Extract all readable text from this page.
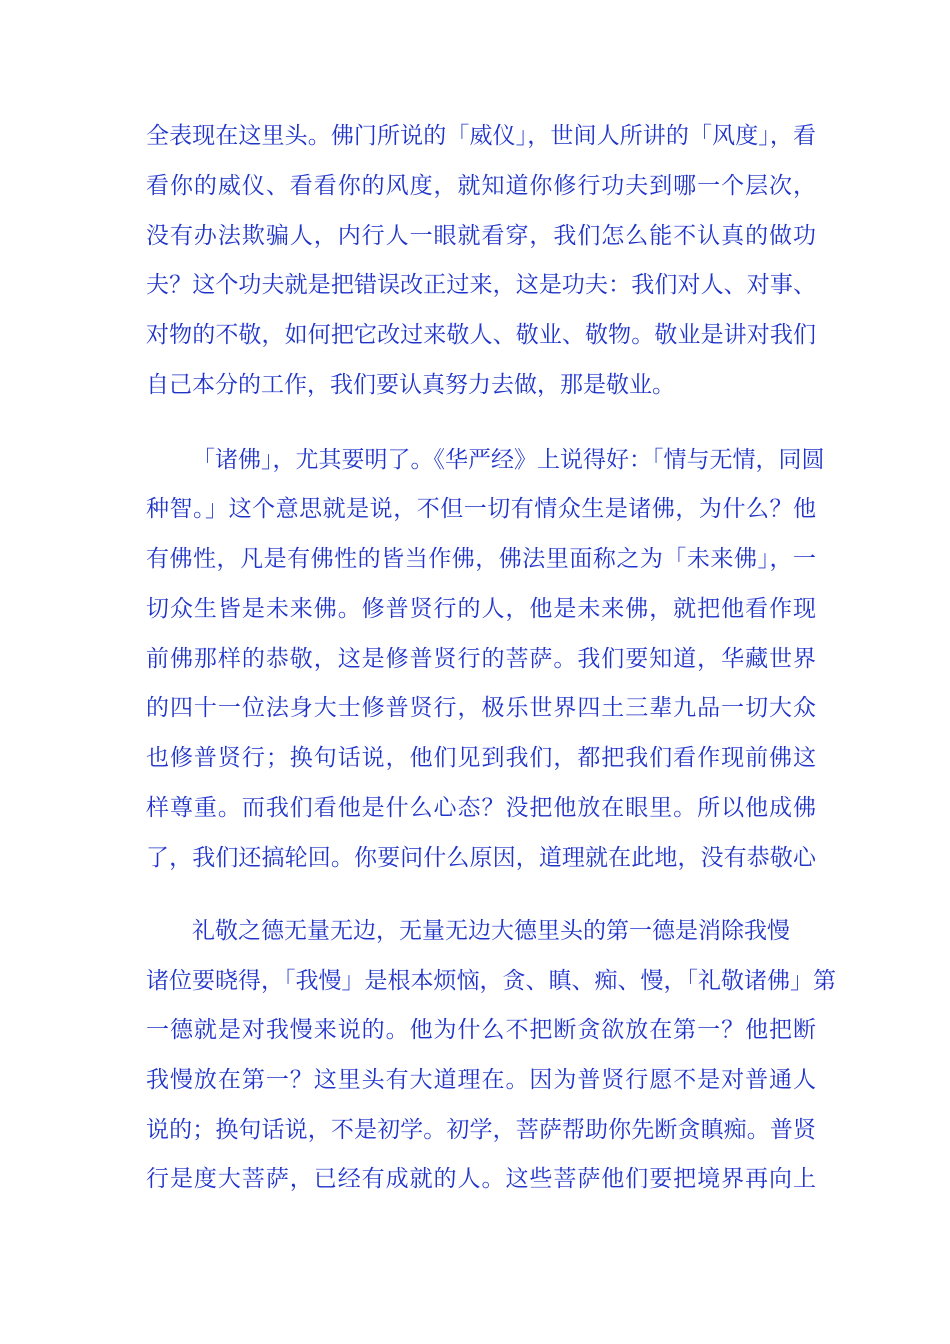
全表现在这里头。佛门所说的「威仪」，世间人所讲的「风度」，看
看你的威仪、看看你的风度，就知道你修行功夫到哪一个层次，
没有办法欺骗人，内行人一眼就看穿，我们怎么能不认真的做功
夫？这个功夫就是把错误改正过来，这是功夫：我们对人、对事、
对物的不敬，如何把它改过来敬人、敬业、敬物。敬业是讲对我们
自己本分的工作，我们要认真努力去做，那是敬业。
「诸佛」，尤其要明了。《华严经》上说得好：「情与无情，同圆
种智。」这个意思就是说，不但一切有情众生是诸佛，为什么？他
有佛性，凡是有佛性的皆当作佛，佛法里面称之为「未来佛」，一
切众生皆是未来佛。修普贤行的人，他是未来佛，就把他看作现
前佛那样的恭敬，这是修普贤行的菩萨。我们要知道，华藏世界
的四十一位法身大士修普贤行，极乐世界四土三辈九品一切大众
也修普贤行；换句话说，他们见到我们，都把我们看作现前佛这
样尊重。而我们看他是什么心态？没把他放在眼里。所以他成佛
了，我们还搞轮回。你要问什么原因，道理就在此地，没有恭敬心
礼敬之德无量无边，无量无边大德里头的第一德是消除我慢
诸位要晓得，「我慢」是根本烦恼，贪、瞋、痴、慢，「礼敬诸佛」第
一德就是对我慢来说的。他为什么不把断贪欲放在第一？他把断
我慢放在第一？这里头有大道理在。因为普贤行愿不是对普通人
说的；换句话说，不是初学。初学，菩萨帮助你先断贪瞋痴。普贤
行是度大菩萨，已经有成就的人。这些菩萨他们要把境界再向上
